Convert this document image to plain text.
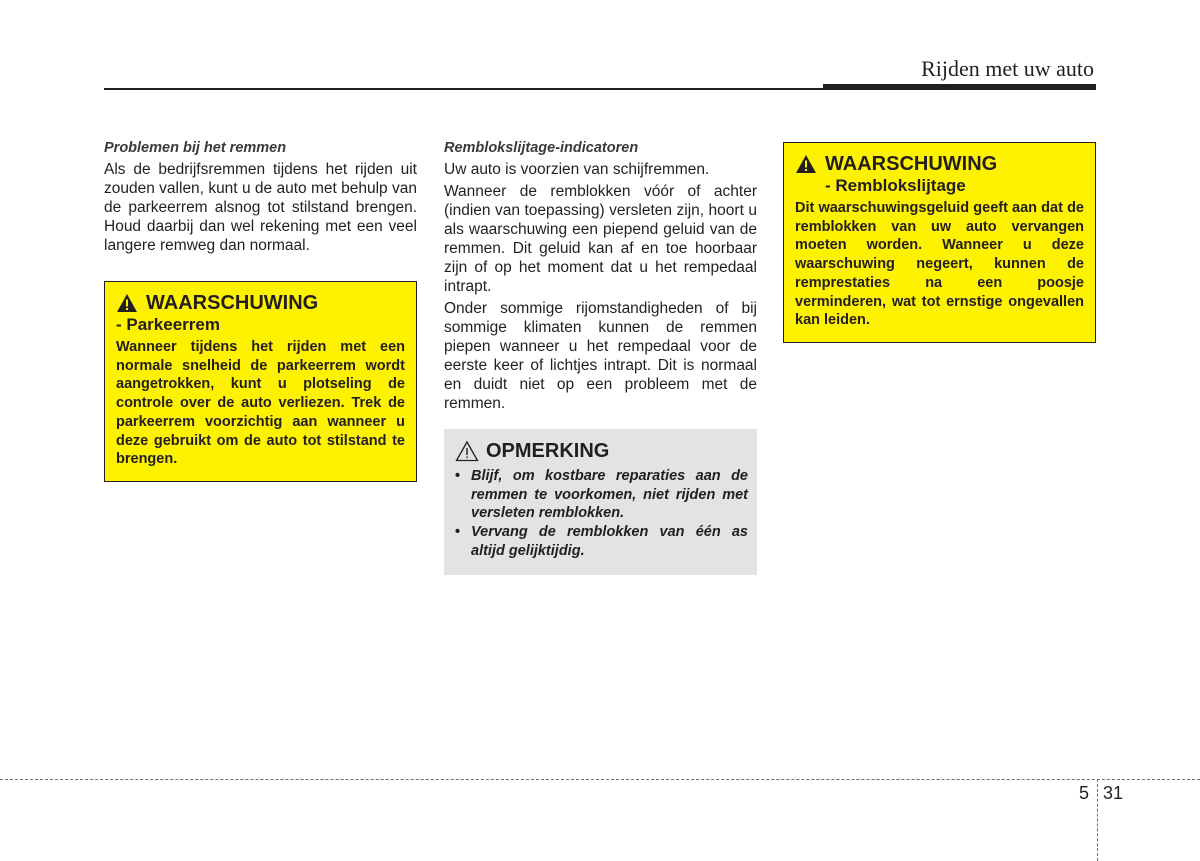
Rijden met uw auto

Problemen bij het remmen

Als de bedrijfsremmen tijdens het rijden uit zouden vallen, kunt u de auto met behulp van de parkeerrem alsnog tot stilstand brengen. Houd daarbij dan wel rekening met een veel langere remweg dan normaal.

WAARSCHUWING
- Parkeerrem

Wanneer tijdens het rijden met een normale snelheid de parkeerrem wordt aangetrokken, kunt u plotseling de controle over de auto verliezen. Trek de parkeerrem voorzichtig aan wanneer u deze gebruikt om de auto tot stilstand te brengen.

Remblokslijtage-indicatoren

Uw auto is voorzien van schijfremmen.

Wanneer de remblokken vóór of achter (indien van toepassing) versleten zijn, hoort u als waarschuwing een piepend geluid van de remmen. Dit geluid kan af en toe hoorbaar zijn of op het moment dat u het rempedaal intrapt.

Onder sommige rijomstandigheden of bij sommige klimaten kunnen de remmen piepen wanneer u het rempedaal voor de eerste keer of lichtjes intrapt. Dit is normaal en duidt niet op een probleem met de remmen.

OPMERKING
• Blijf, om kostbare reparaties aan de remmen te voorkomen, niet rijden met versleten remblokken.
• Vervang de remblokken van één as altijd gelijktijdig.
WAARSCHUWING
- Remblokslijtage

Dit waarschuwingsgeluid geeft aan dat de remblokken van uw auto vervangen moeten worden. Wanneer u deze waarschuwing negeert, kunnen de remprestaties na een poosje verminderen, wat tot ernstige ongevallen kan leiden.

5 31
